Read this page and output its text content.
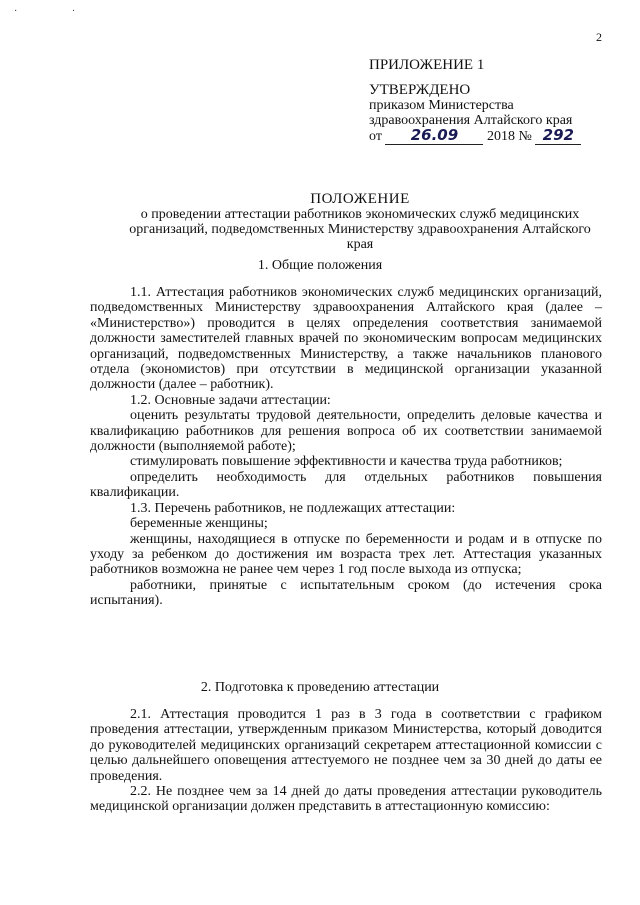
· ·
2
ПРИЛОЖЕНИЕ 1
УТВЕРЖДЕНО
приказом Министерства
здравоохранения Алтайского края
от 26.09 2018 № 292
ПОЛОЖЕНИЕ
о проведении аттестации работников экономических служб медицинских
организаций, подведомственных Министерству здравоохранения Алтайского
края
1. Общие положения

1.1. Аттестация работников экономических служб медицинских организаций, подведомственных Министерству здравоохранения Алтайского края (далее – «Министерство») проводится в целях определения соответствия занимаемой должности заместителей главных врачей по экономическим вопросам медицинских организаций, подведомственных Министерству, а также начальников планового отдела (экономистов) при отсутствии в медицинской организации указанной должности (далее – работник).

1.2. Основные задачи аттестации:

оценить результаты трудовой деятельности, определить деловые качества и квалификацию работников для решения вопроса об их соответствии занимаемой должности (выполняемой работе);

стимулировать повышение эффективности и качества труда работников;

определить необходимость для отдельных работников повышения квалификации.

1.3. Перечень работников, не подлежащих аттестации:

беременные женщины;

женщины, находящиеся в отпуске по беременности и родам и в отпуске по уходу за ребенком до достижения им возраста трех лет. Аттестация указанных работников возможна не ранее чем через 1 год после выхода из отпуска;

работники, принятые с испытательным сроком (до истечения срока испытания).

2. Подготовка к проведению аттестации

2.1. Аттестация проводится 1 раз в 3 года в соответствии с графиком проведения аттестации, утвержденным приказом Министерства, который доводится до руководителей медицинских организаций секретарем аттестационной комиссии с целью дальнейшего оповещения аттестуемого не позднее чем за 30 дней до даты ее проведения.

2.2. Не позднее чем за 14 дней до даты проведения аттестации руководитель медицинской организации должен представить в аттестационную комиссию:
